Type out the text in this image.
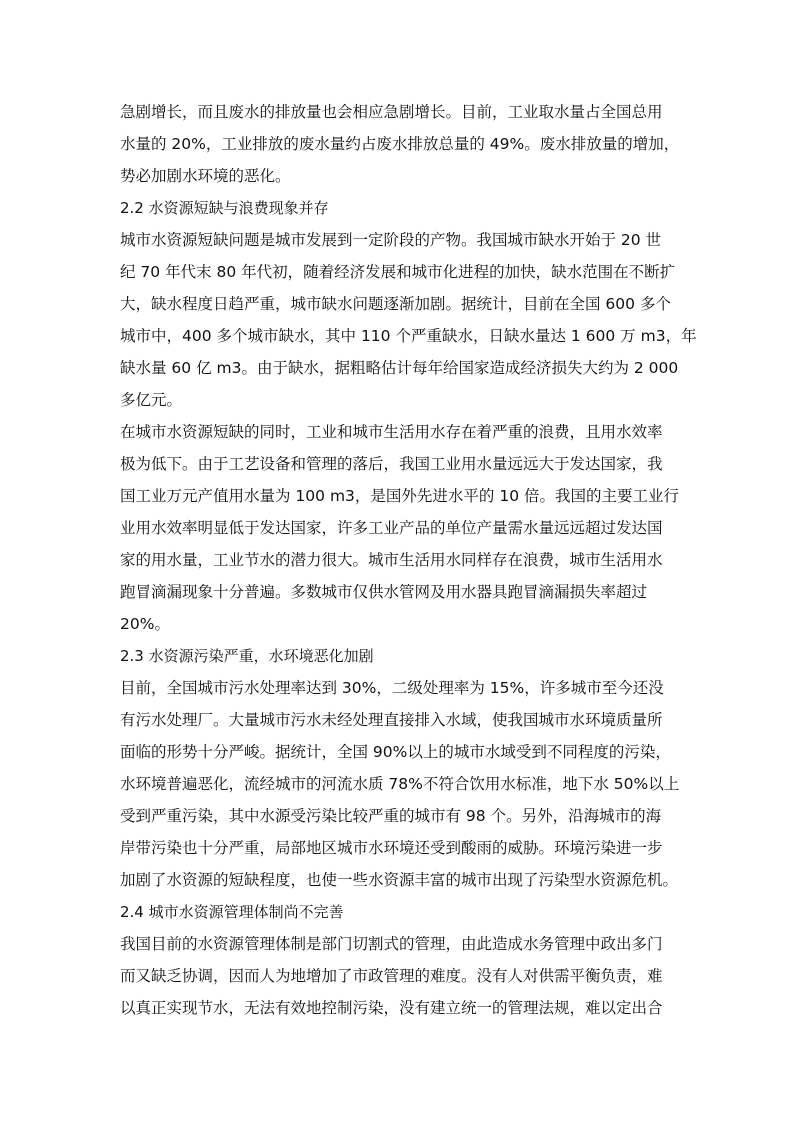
急剧增长，而且废水的排放量也会相应急剧增长。目前，工业取水量占全国总用
水量的 20%，工业排放的废水量约占废水排放总量的 49%。废水排放量的增加，
势必加剧水环境的恶化。
2.2 水资源短缺与浪费现象并存
城市水资源短缺问题是城市发展到一定阶段的产物。我国城市缺水开始于 20 世
纪 70 年代末 80 年代初，随着经济发展和城市化进程的加快，缺水范围在不断扩
大，缺水程度日趋严重，城市缺水问题逐渐加剧。据统计，目前在全国 600 多个
城市中，400 多个城市缺水，其中 110 个严重缺水，日缺水量达 1 600 万 m3，年
缺水量 60 亿 m3。由于缺水，据粗略估计每年给国家造成经济损失大约为 2 000
多亿元。
在城市水资源短缺的同时，工业和城市生活用水存在着严重的浪费，且用水效率
极为低下。由于工艺设备和管理的落后，我国工业用水量远远大于发达国家，我
国工业万元产值用水量为 100 m3，是国外先进水平的 10 倍。我国的主要工业行
业用水效率明显低于发达国家，许多工业产品的单位产量需水量远远超过发达国
家的用水量，工业节水的潜力很大。城市生活用水同样存在浪费，城市生活用水
跑冒滴漏现象十分普遍。多数城市仅供水管网及用水器具跑冒滴漏损失率超过
20%。
2.3 水资源污染严重，水环境恶化加剧
目前，全国城市污水处理率达到 30%，二级处理率为 15%，许多城市至今还没
有污水处理厂。大量城市污水未经处理直接排入水域，使我国城市水环境质量所
面临的形势十分严峻。据统计，全国 90%以上的城市水域受到不同程度的污染，
水环境普遍恶化，流经城市的河流水质 78%不符合饮用水标准，地下水 50%以上
受到严重污染，其中水源受污染比较严重的城市有 98 个。另外，沿海城市的海
岸带污染也十分严重，局部地区城市水环境还受到酸雨的威胁。环境污染进一步
加剧了水资源的短缺程度，也使一些水资源丰富的城市出现了污染型水资源危机。
2.4 城市水资源管理体制尚不完善
我国目前的水资源管理体制是部门切割式的管理，由此造成水务管理中政出多门
而又缺乏协调，因而人为地增加了市政管理的难度。没有人对供需平衡负责，难
以真正实现节水，无法有效地控制污染，没有建立统一的管理法规，难以定出合
